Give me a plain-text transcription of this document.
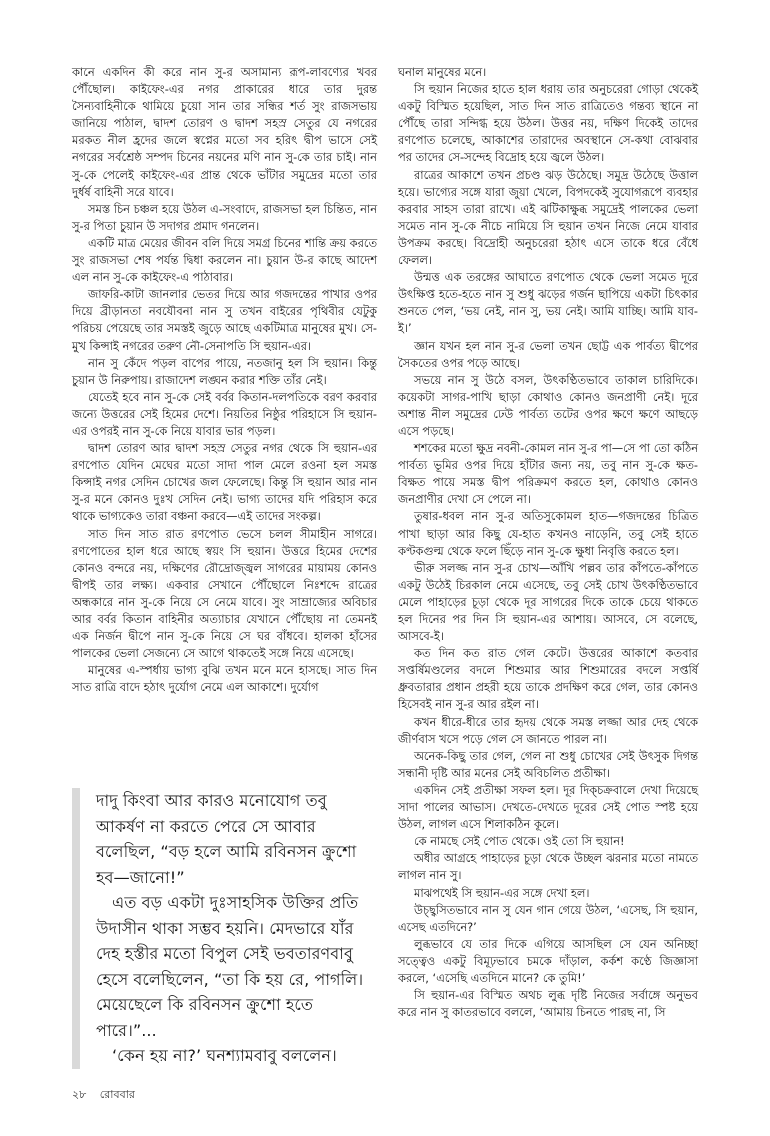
কানে একদিন কী করে নান সু-র অসামান্য রূপ-লাবণ্যের খবর পৌঁছোল। কাইফেং-এর নগর প্রাকারের ধারে তার দুরন্ত সৈন্যবাহিনীকে থামিয়ে চুয়ো সান তার সন্ধির শর্ত সুং রাজসভায় জানিয়ে পাঠাল, দ্বাদশ তোরণ ও দ্বাদশ সহস্র সেতুর যে নগরের মরকত নীল হ্রদের জলে স্বপ্নের মতো সব হরিৎ দ্বীপ ভাসে সেই নগরের সর্বশ্রেষ্ঠ সম্পদ চিনের নয়নের মণি নান সু-কে তার চাই। নান সু-কে পেলেই কাইফেং-এর প্রান্ত থেকে ভাঁটার সমুদ্রের মতো তার দুর্ধর্ষ বাহিনী সরে যাবে।

সমস্ত চিন চঞ্চল হয়ে উঠল এ-সংবাদে, রাজসভা হল চিন্তিত, নান সু-র পিতা চুয়ান উ সদাগর প্রমাদ গনলেন।

একটি মাত্র মেয়ের জীবন বলি দিয়ে সমগ্র চিনের শান্তি ক্রয় করতে সুং রাজসভা শেষ পর্যন্ত দ্বিধা করলেন না। চুয়ান উ-র কাছে আদেশ এল নান সু-কে কাইফেং-এ পাঠাবার।

জাফরি-কাটা জানলার ভেতর দিয়ে আর গজদন্তের পাখার ওপর দিয়ে ব্রীড়ানতা নবযৌবনা নান সু তখন বাইরের পৃথিবীর যেটুকু পরিচয় পেয়েছে তার সমস্তই জুড়ে আছে একটিমাত্র মানুষের মুখ। সে-মুখ কিন্সাই নগরের তরুণ নৌ-সেনাপতি সি হুয়ান-এর।

নান সু কেঁদে পড়ল বাপের পায়ে, নতজানু হল সি হুয়ান। কিন্তু চুয়ান উ নিরুপায়। রাজাদেশ লঙ্ঘন করার শক্তি তাঁর নেই।

যেতেই হবে নান সু-কে সেই বর্বর কিতান-দলপতিকে বরণ করবার জন্যে উত্তরের সেই হিমের দেশে। নিয়তির নিষ্ঠুর পরিহাসে সি হুয়ান-এর ওপরই নান সু-কে নিয়ে যাবার ভার পড়ল।

দ্বাদশ তোরণ আর দ্বাদশ সহস্র সেতুর নগর থেকে সি হুয়ান-এর রণপোত যেদিন মেঘের মতো সাদা পাল মেলে রওনা হল সমস্ত কিন্সাই নগর সেদিন চোখের জল ফেলেছে। কিন্তু সি হুয়ান আর নান সু-র মনে কোনও দুঃখ সেদিন নেই। ভাগ্য তাদের যদি পরিহাস করে থাকে ভাগ্যকেও তারা বঞ্চনা করবে—এই তাদের সংকল্প।

সাত দিন সাত রাত রণপোত ভেসে চলল সীমাহীন সাগরে। রণপোতের হাল ধরে আছে স্বয়ং সি হুয়ান। উত্তরে হিমের দেশের কোনও বন্দরে নয়, দক্ষিণের রৌদ্রোজ্জ্বল সাগরের মায়াময় কোনও দ্বীপই তার লক্ষ্য। একবার সেখানে পৌঁছোলে নিঃশব্দে রাত্রের অন্ধকারে নান সু-কে নিয়ে সে নেমে যাবে। সুং সাম্রাজ্যের অবিচার আর বর্বর কিতান বাহিনীর অত্যাচার যেখানে পৌঁছোয় না তেমনই এক নির্জন দ্বীপে নান সু-কে নিয়ে সে ঘর বাঁধবে। হালকা হাঁসের পালকের ভেলা সেজন্যে সে আগে থাকতেই সঙ্গে নিয়ে এসেছে।

মানুষের এ-স্পর্ধায় ভাগ্য বুঝি তখন মনে মনে হাসছে। সাত দিন সাত রাত্রি বাদে হঠাৎ দুর্যোগ নেমে এল আকাশে। দুর্যোগ

দাদু কিংবা আর কারও মনোযোগ তবু আকর্ষণ না করতে পেরে সে আবার বলেছিল, “বড় হলে আমি রবিনসন ক্রুশো হব—জানো!”

এত বড় একটা দুঃসাহসিক উক্তির প্রতি উদাসীন থাকা সম্ভব হয়নি। মেদভারে যাঁর দেহ হস্তীর মতো বিপুল সেই ভবতারণবাবু হেসে বলেছিলেন, “তা কি হয় রে, পাগলি। মেয়েছেলে কি রবিনসন ক্রুশো হতে পারে।”...

‘কেন হয় না?’ ঘনশ্যামবাবু বললেন।

ঘনাল মানুষের মনে।

সি হুয়ান নিজের হাতে হাল ধরায় তার অনুচরেরা গোড়া থেকেই একটু বিস্মিত হয়েছিল, সাত দিন সাত রাত্রিতেও গন্তব্য স্থানে না পৌঁছে তারা সন্দিগ্ধ হয়ে উঠল। উত্তর নয়, দক্ষিণ দিকেই তাদের রণপোত চলেছে, আকাশের তারাদের অবস্থানে সে-কথা বোঝবার পর তাদের সে-সন্দেহ বিদ্রোহ হয়ে জ্বলে উঠল।

রাত্রের আকাশে তখন প্রচণ্ড ঝড় উঠেছে। সমুদ্র উঠেছে উত্তাল হয়ে। ভাগ্যের সঙ্গে যারা জুয়া খেলে, বিপদকেই সুযোগরূপে ব্যবহার করবার সাহস তারা রাখে। এই ঝটিকাক্ষুব্ধ সমুদ্রেই পালকের ভেলা সমেত নান সু-কে নীচে নামিয়ে সি হুয়ান তখন নিজে নেমে যাবার উপক্রম করছে। বিদ্রোহী অনুচরেরা হঠাৎ এসে তাকে ধরে বেঁধে ফেলল।

উন্মত্ত এক তরঙ্গের আঘাতে রণপোত থেকে ভেলা সমেত দূরে উৎক্ষিপ্ত হতে-হতে নান সু শুধু ঝড়ের গর্জন ছাপিয়ে একটা চিৎকার শুনতে পেল, ‘ভয় নেই, নান সু, ভয় নেই। আমি যাচ্ছি। আমি যাব-ই।’

জ্ঞান যখন হল নান সু-র ভেলা তখন ছোট্ট এক পার্বত্য দ্বীপের সৈকতের ওপর পড়ে আছে।

সভয়ে নান সু উঠে বসল, উৎকণ্ঠিতভাবে তাকাল চারিদিকে। কয়েকটা সাগর-পাখি ছাড়া কোথাও কোনও জনপ্রাণী নেই। দূরে অশান্ত নীল সমুদ্রের ঢেউ পার্বত্য তটের ওপর ক্ষণে ক্ষণে আছড়ে এসে পড়ছে।

শশকের মতো ক্ষুদ্র নবনী-কোমল নান সু-র পা—সে পা তো কঠিন পার্বত্য ভূমির ওপর দিয়ে হাঁটার জন্য নয়, তবু নান সু-কে ক্ষত-বিক্ষত পায়ে সমস্ত দ্বীপ পরিক্রমণ করতে হল, কোথাও কোনও জনপ্রাণীর দেখা সে পেলে না।

তুষার-ধবল নান সু-র অতিসুকোমল হাত—গজদন্তের চিত্রিত পাখা ছাড়া আর কিছু যে-হাত কখনও নাড়েনি, তবু সেই হাতে কণ্টকগুল্ম থেকে ফলে ছিঁড়ে নান সু-কে ক্ষুধা নিবৃত্তি করতে হল।

ভীরু সলজ্জ নান সু-র চোখ—আঁখি পল্লব তার কাঁপতে-কাঁপতে একটু উঠেই চিরকাল নেমে এসেছে, তবু সেই চোখ উৎকণ্ঠিতভাবে মেলে পাহাড়ের চূড়া থেকে দূর সাগরের দিকে তাকে চেয়ে থাকতে হল দিনের পর দিন সি হুয়ান-এর আশায়। আসবে, সে বলেছে, আসবে-ই।

কত দিন কত রাত গেল কেটে। উত্তরের আকাশে কতবার সপ্তর্ষিমণ্ডলের বদলে শিশুমার আর শিশুমারের বদলে সপ্তর্ষি ধ্রুবতারার প্রধান প্রহরী হয়ে তাকে প্রদক্ষিণ করে গেল, তার কোনও হিসেবই নান সু-র আর রইল না।

কখন ধীরে-ধীরে তার হৃদয় থেকে সমস্ত লজ্জা আর দেহ থেকে জীর্ণবাস খসে পড়ে গেল সে জানতে পারল না।

অনেক-কিছু তার গেল, গেল না শুধু চোখের সেই উৎসুক দিগন্ত সন্ধানী দৃষ্টি আর মনের সেই অবিচলিত প্রতীক্ষা।

একদিন সেই প্রতীক্ষা সফল হল। দূর দিক্‌চক্রবালে দেখা দিয়েছে সাদা পালের আভাস। দেখতে-দেখতে দূরের সেই পোত স্পষ্ট হয়ে উঠল, লাগল এসে শিলাকঠিন কূলে।

কে নামছে সেই পোত থেকে। ওই তো সি হুয়ান!

অধীর আগ্রহে পাহাড়ের চূড়া থেকে উচ্ছল ঝরনার মতো নামতে লাগল নান সু।

মাঝপথেই সি হুয়ান-এর সঙ্গে দেখা হল।

উচ্ছ্বসিতভাবে নান সু যেন গান গেয়ে উঠল, ‘এসেছ, সি হুয়ান, এসেছ এতদিনে?’

লুব্ধভাবে যে তার দিকে এগিয়ে আসছিল সে যেন অনিচ্ছা সত্ত্বেও একটু বিমূঢ়ভাবে চমকে দাঁড়াল, কর্কশ কণ্ঠে জিজ্ঞাসা করলে, ‘এসেছি এতদিনে মানে? কে তুমি!’

সি হুয়ান-এর বিস্মিত অথচ লুব্ধ দৃষ্টি নিজের সর্বাঙ্গে অনুভব করে নান সু কাতরভাবে বললে, ‘আমায় চিনতে পারছ না, সি

২৮ রোববার
